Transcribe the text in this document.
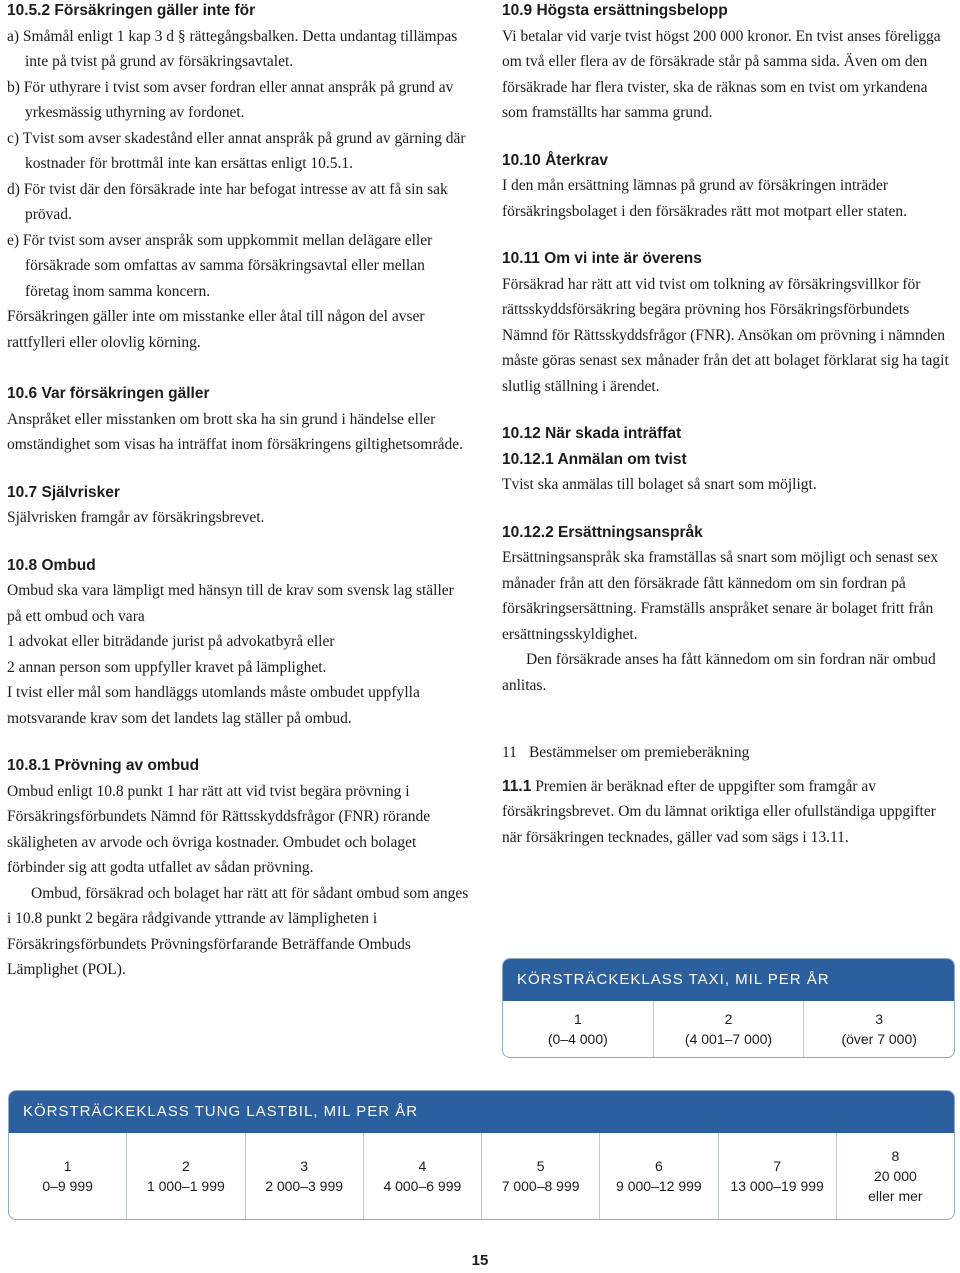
10.5.2 Försäkringen gäller inte för

a) Småmål enligt 1 kap 3 d § rättegångsbalken. Detta undantag tillämpas inte på tvist på grund av försäkringsavtalet.

b) För uthyrare i tvist som avser fordran eller annat anspråk på grund av yrkesmässig uthyrning av fordonet.

c) Tvist som avser skadestånd eller annat anspråk på grund av gärning där kostnader för brottmål inte kan ersättas enligt 10.5.1.

d) För tvist där den försäkrade inte har befogat intresse av att få sin sak prövad.

e) För tvist som avser anspråk som uppkommit mellan delägare eller försäkrade som omfattas av samma försäkringsavtal eller mellan företag inom samma koncern.

Försäkringen gäller inte om misstanke eller åtal till någon del avser rattfylleri eller olovlig körning.

10.6 Var försäkringen gäller

Anspråket eller misstanken om brott ska ha sin grund i händelse eller omständighet som visas ha inträffat inom försäkringens giltighetsområde.

10.7 Självrisker

Självrisken framgår av försäkringsbrevet.

10.8 Ombud

Ombud ska vara lämpligt med hänsyn till de krav som svensk lag ställer på ett ombud och vara

1 advokat eller biträdande jurist på advokatbyrå eller

2 annan person som uppfyller kravet på lämplighet.

I tvist eller mål som handläggs utomlands måste ombudet uppfylla motsvarande krav som det landets lag ställer på ombud.

10.8.1 Prövning av ombud

Ombud enligt 10.8 punkt 1 har rätt att vid tvist begära prövning i Försäkringsförbundets Nämnd för Rättsskyddsfrågor (FNR) rörande skäligheten av arvode och övriga kostnader. Ombudet och bolaget förbinder sig att godta utfallet av sådan prövning.

Ombud, försäkrad och bolaget har rätt att för sådant ombud som anges i 10.8 punkt 2 begära rådgivande yttrande av lämpligheten i Försäkringsförbundets Prövningsförfarande Beträffande Ombuds Lämplighet (POL).

10.9 Högsta ersättningsbelopp

Vi betalar vid varje tvist högst 200 000 kronor. En tvist anses föreligga om två eller flera av de försäkrade står på samma sida. Även om den försäkrade har flera tvister, ska de räknas som en tvist om yrkandena som framställts har samma grund.

10.10 Återkrav

I den mån ersättning lämnas på grund av försäkringen inträder försäkringsbolaget i den försäkrades rätt mot motpart eller staten.

10.11 Om vi inte är överens

Försäkrad har rätt att vid tvist om tolkning av försäkringsvillkor för rättsskyddsförsäkring begära prövning hos Försäkringsförbundets Nämnd för Rättsskyddsfrågor (FNR). Ansökan om prövning i nämnden måste göras senast sex månader från det att bolaget förklarat sig ha tagit slutlig ställning i ärendet.

10.12 När skada inträffat

10.12.1 Anmälan om tvist

Tvist ska anmälas till bolaget så snart som möjligt.

10.12.2 Ersättningsanspråk

Ersättningsanspråk ska framställas så snart som möjligt och senast sex månader från att den försäkrade fått kännedom om sin fordran på försäkringsersättning. Framställs anspråket senare är bolaget fritt från ersättningsskyldighet.

Den försäkrade anses ha fått kännedom om sin fordran när ombud anlitas.

11 Bestämmelser om premieberäkning

11.1 Premien är beräknad efter de uppgifter som framgår av försäkringsbrevet. Om du lämnat oriktiga eller ofullständiga uppgifter när försäkringen tecknades, gäller vad som sägs i 13.11.

KÖRSTRÄCKEKLASS TAXI, MIL PER ÅR
1
(0–4 000)
2
(4 001–7 000)
3
(över 7 000)
KÖRSTRÄCKEKLASS TUNG LASTBIL, MIL PER ÅR
1
0–9 999
2
1 000–1 999
3
2 000–3 999
4
4 000–6 999
5
7 000–8 999
6
9 000–12 999
7
13 000–19 999
8
20 000
eller mer
15
